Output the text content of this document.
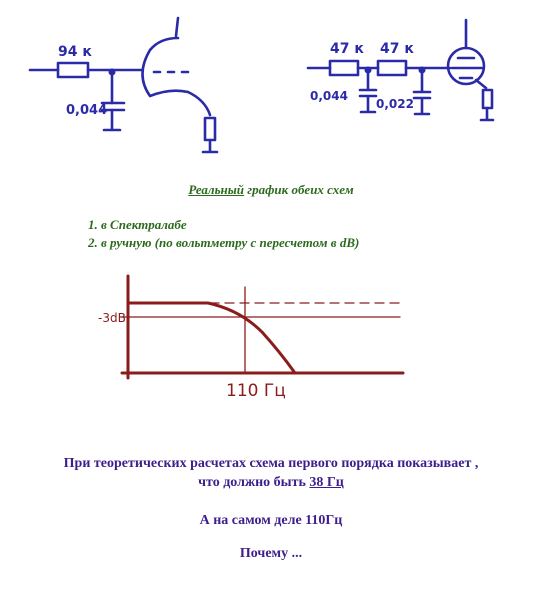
94 к
0,044
47 к 47 к
0,044
0,022
Реальный график обеих схем
1. в Спектралабе
2. в ручную (по вольтметру с пересчетом в dB)
-3dB
110 Гц
При теоретических расчетах схема первого порядка показывает ,
что должно быть 38 Гц
А на самом деле 110Гц
Почему ...
